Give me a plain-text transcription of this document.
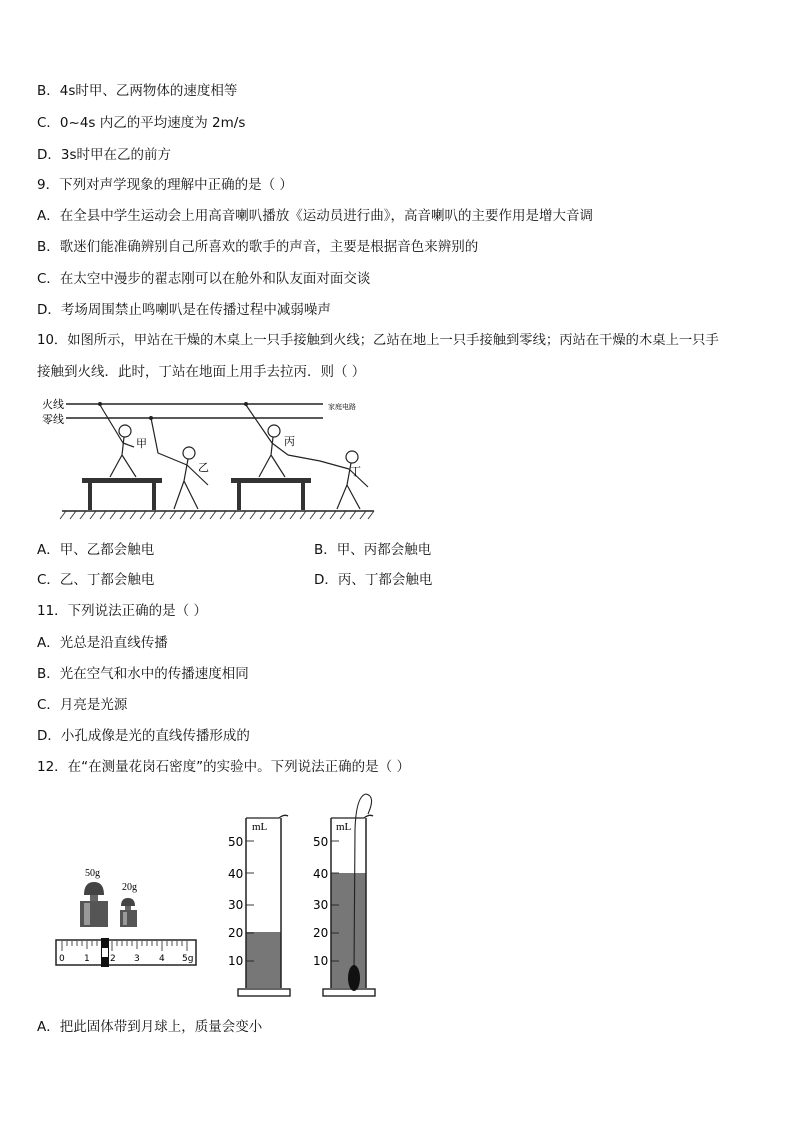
B．4s时甲、乙两物体的速度相等
C．0~4s 内乙的平均速度为 2m/s
D．3s时甲在乙的前方
9．下列对声学现象的理解中正确的是（ ）
A．在全县中学生运动会上用高音喇叭播放《运动员进行曲》，高音喇叭的主要作用是增大音调
B．歌迷们能准确辨别自己所喜欢的歌手的声音，主要是根据音色来辨别的
C．在太空中漫步的翟志刚可以在舱外和队友面对面交谈
D．考场周围禁止鸣喇叭是在传播过程中减弱噪声
10．如图所示，甲站在干燥的木桌上一只手接触到火线；乙站在地上一只手接触到零线；丙站在干燥的木桌上一只手
接触到火线．此时，丁站在地面上用手去拉丙．则（ ）
火线
零线
家庭电路
甲
乙
丙
丁
A．甲、乙都会触电	B．甲、丙都会触电
C．乙、丁都会触电	D．丙、丁都会触电
11．下列说法正确的是（ ）
A．光总是沿直线传播
B．光在空气和水中的传播速度相同
C．月亮是光源
D．小孔成像是光的直线传播形成的
12．在“在测量花岗石密度”的实验中。下列说法正确的是（ ）
50g
20g
0 1 2 3 4 5g
mL
50
40
30
20
10
mL
50
40
30
20
10
A．把此固体带到月球上，质量会变小
